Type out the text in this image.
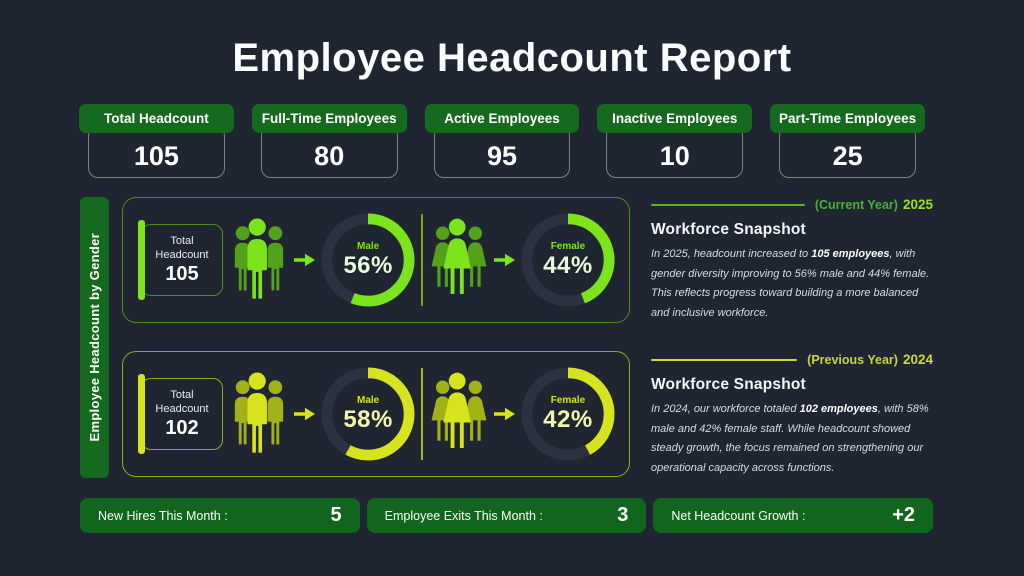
Employee Headcount Report
Total Headcount
105
Full-Time Employees
80
Active Employees
95
Inactive Employees
10
Part-Time Employees
25
Employee Headcount by Gender	Total Headcount
105
Male
56%
Female
44%
Total Headcount
102
Male
58%
Female
42%
(Current Year) 2025
Workforce Snapshot
In 2025, headcount increased to 105 employees, with gender diversity improving to 56% male and 44% female. This reflects progress toward building a more balanced and inclusive workforce.
(Previous Year) 2024
Workforce Snapshot
In 2024, our workforce totaled 102 employees, with 58% male and 42% female staff. While headcount showed steady growth, the focus remained on strengthening our operational capacity across functions.
New Hires This Month :	5	Employee Exits This Month :	3	Net Headcount Growth :	+2
